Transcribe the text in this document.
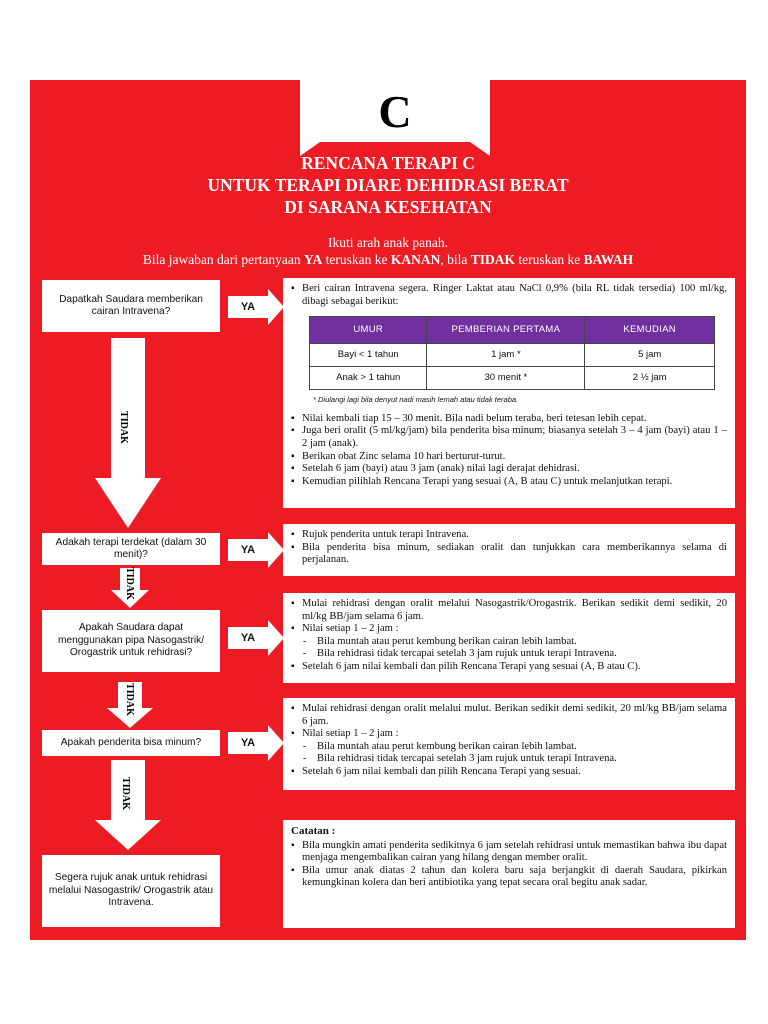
C
RENCANA TERAPI C
UNTUK TERAPI DIARE DEHIDRASI BERAT
DI SARANA KESEHATAN
Ikuti arah anak panah.
Bila jawaban dari pertanyaan YA teruskan ke KANAN, bila TIDAK teruskan ke BAWAH
Dapatkah Saudara memberikan cairan Intravena?
Adakah terapi terdekat (dalam 30 menit)?
Apakah Saudara dapat menggunakan pipa Nasogastrik/ Orogastrik untuk rehidrasi?
Apakah penderita bisa minum?
Segera rujuk anak untuk rehidrasi melalui Nasogastrik/ Orogastrik atau Intravena.
YA
YA
YA
YA
TIDAK
TIDAK
TIDAK
TIDAK
▪ Beri cairan Intravena segera. Ringer Laktat atau NaCl 0,9% (bila RL tidak tersedia) 100 ml/kg, dibagi sebagai berikut:
UMUR	PEMBERIAN PERTAMA	KEMUDIAN
Bayi < 1 tahun	1 jam *	5 jam
Anak > 1 tahun	30 menit *	2 ½ jam
* Diulangi lagi bila denyut nadi masih lemah atau tidak teraba.
▪ Nilai kembali tiap 15 – 30 menit. Bila nadi belum teraba, beri tetesan lebih cepat.
▪ Juga beri oralit (5 ml/kg/jam) bila penderita bisa minum; biasanya setelah 3 – 4 jam (bayi) atau 1 – 2 jam (anak).
▪ Berikan obat Zinc selama 10 hari berturut-turut.
▪ Setelah 6 jam (bayi) atau 3 jam (anak) nilai lagi derajat dehidrasi.
▪ Kemudian pilihlah Rencana Terapi yang sesuai (A, B atau C) untuk melanjutkan terapi.
▪ Rujuk penderita untuk terapi Intravena.
▪ Bila penderita bisa minum, sediakan oralit dan tunjukkan cara memberikannya selama di perjalanan.
▪ Mulai rehidrasi dengan oralit melalui Nasogastrik/Orogastrik. Berikan sedikit demi sedikit, 20 ml/kg BB/jam selama 6 jam.
▪ Nilai setiap 1 – 2 jam :
- Bila muntah atau perut kembung berikan cairan lebih lambat.
- Bila rehidrasi tidak tercapai setelah 3 jam rujuk untuk terapi Intravena.
▪ Setelah 6 jam nilai kembali dan pilih Rencana Terapi yang sesuai (A, B atau C).
▪ Mulai rehidrasi dengan oralit melalui mulut. Berikan sedikit demi sedikit, 20 ml/kg BB/jam selama 6 jam.
▪ Nilai setiap 1 – 2 jam :
- Bila muntah atau perut kembung berikan cairan lebih lambat.
- Bila rehidrasi tidak tercapai setelah 3 jam rujuk untuk terapi Intravena.
▪ Setelah 6 jam nilai kembali dan pilih Rencana Terapi yang sesuai.
Catatan :
▪ Bila mungkin amati penderita sedikitnya 6 jam setelah rehidrasi untuk memastikan bahwa ibu dapat menjaga mengembalikan cairan yang hilang dengan member oralit.
▪ Bila umur anak diatas 2 tahun dan kolera baru saja berjangkit di daerah Saudara, pikirkan kemungkinan kolera dan beri antibiotika yang tepat secara oral begitu anak sadar.
